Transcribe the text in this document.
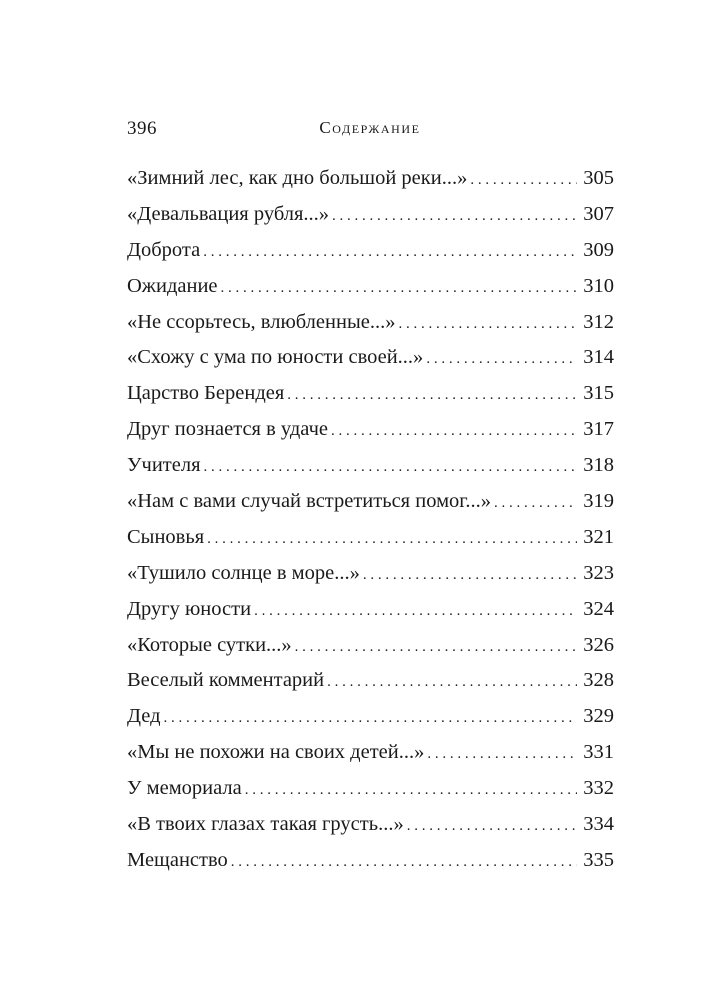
396	Содержание
«Зимний лес, как дно большой реки...» . . .	305
«Девальвация рубля...» . . .	307
Доброта . . .	309
Ожидание . . .	310
«Не ссорьтесь, влюбленные...» . . .	312
«Схожу с ума по юности своей...» . . .	314
Царство Берендея . . .	315
Друг познается в удаче . . .	317
Учителя . . .	318
«Нам с вами случай встретиться помог...» . . .	319
Сыновья . . .	321
«Тушило солнце в море...» . . .	323
Другу юности . . .	324
«Которые сутки...» . . .	326
Веселый комментарий . . .	328
Дед . . .	329
«Мы не похожи на своих детей...» . . .	331
У мемориала . . .	332
«В твоих глазах такая грусть...» . . .	334
Мещанство . . .	335
